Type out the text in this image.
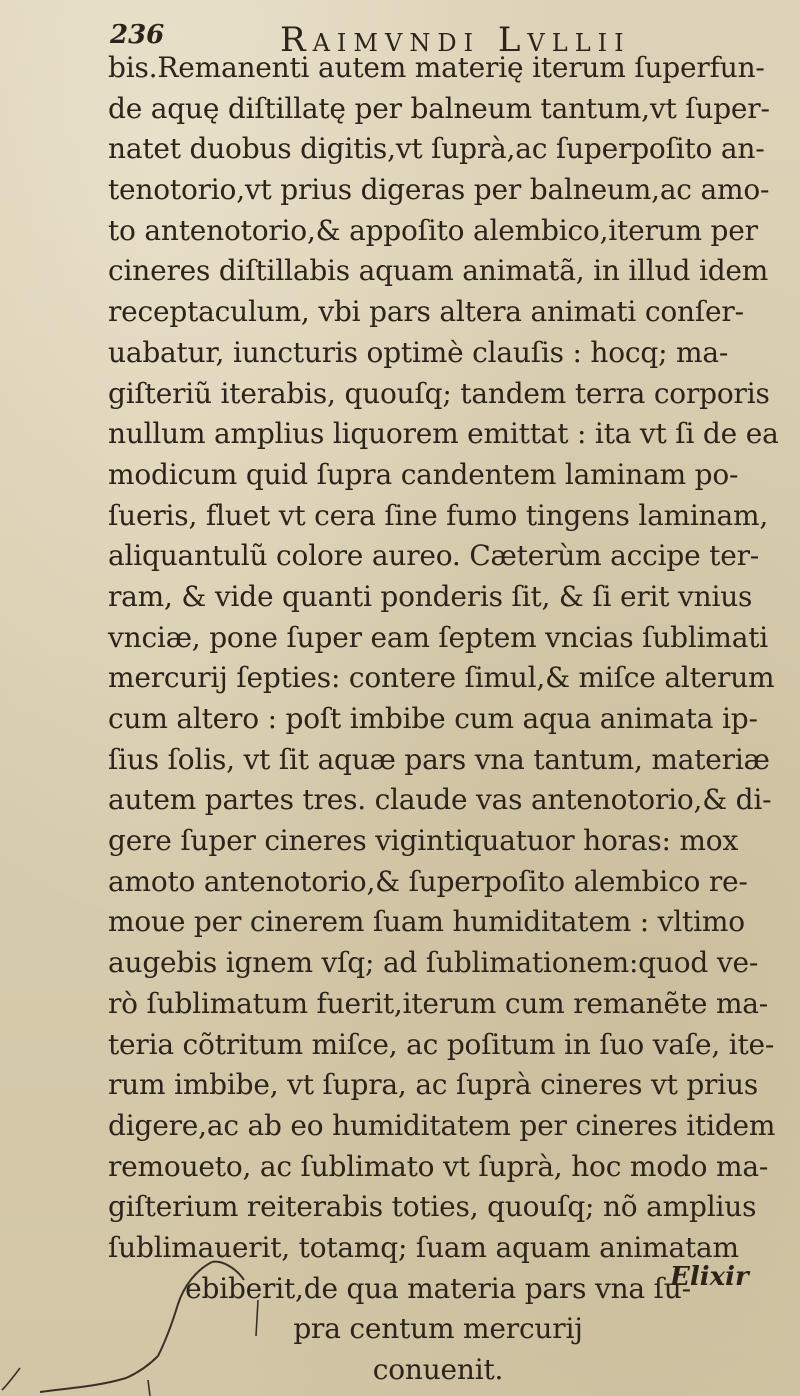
236	Raimvndi Lvllii
bis.Remanenti autem materię iterum ſuperfun-
de aquę diſtillatę per balneum tantum,vt ſuper-
natet duobus digitis,vt ſuprà,ac ſuperpoſito an-
tenotorio,vt prius digeras per balneum,ac amo-
to antenotorio,& appoſito alembico,iterum per
cineres diſtillabis aquam animatã, in illud idem
receptaculum, vbi pars altera animati conſer-
uabatur, iuncturis optimè clauſis : hocq; ma-
giſteriũ iterabis, quouſq; tandem terra corporis
nullum amplius liquorem emittat : ita vt ſi de ea
modicum quid ſupra candentem laminam po-
ſueris, fluet vt cera ſine fumo tingens laminam,
aliquantulũ colore aureo. Cæterùm accipe ter-
ram, & vide quanti ponderis ſit, & ſi erit vnius
vnciæ, pone ſuper eam ſeptem vncias ſublimati
mercurij ſepties: contere ſimul,& miſce alterum
cum altero : poſt imbibe cum aqua animata ip-
ſius ſolis, vt ſit aquæ pars vna tantum, materiæ
autem partes tres. claude vas antenotorio,& di-
gere ſuper cineres vigintiquatuor horas: mox
amoto antenotorio,& ſuperpoſito alembico re-
moue per cinerem ſuam humiditatem : vltimo
augebis ignem vſq; ad ſublimationem:quod ve-
rò ſublimatum fuerit,iterum cum remanẽte ma-
teria cõtritum miſce, ac poſitum in ſuo vaſe, ite-
rum imbibe, vt ſupra, ac ſuprà cineres vt prius
digere,ac ab eo humiditatem per cineres itidem
remoueto, ac ſublimato vt ſuprà, hoc modo ma-
giſterium reiterabis toties, quouſq; nõ amplius
ſublimauerit, totamq; ſuam aquam animatam
ebiberit,de qua materia pars vna ſu-
pra centum mercurij
conuenit.
Elixir
